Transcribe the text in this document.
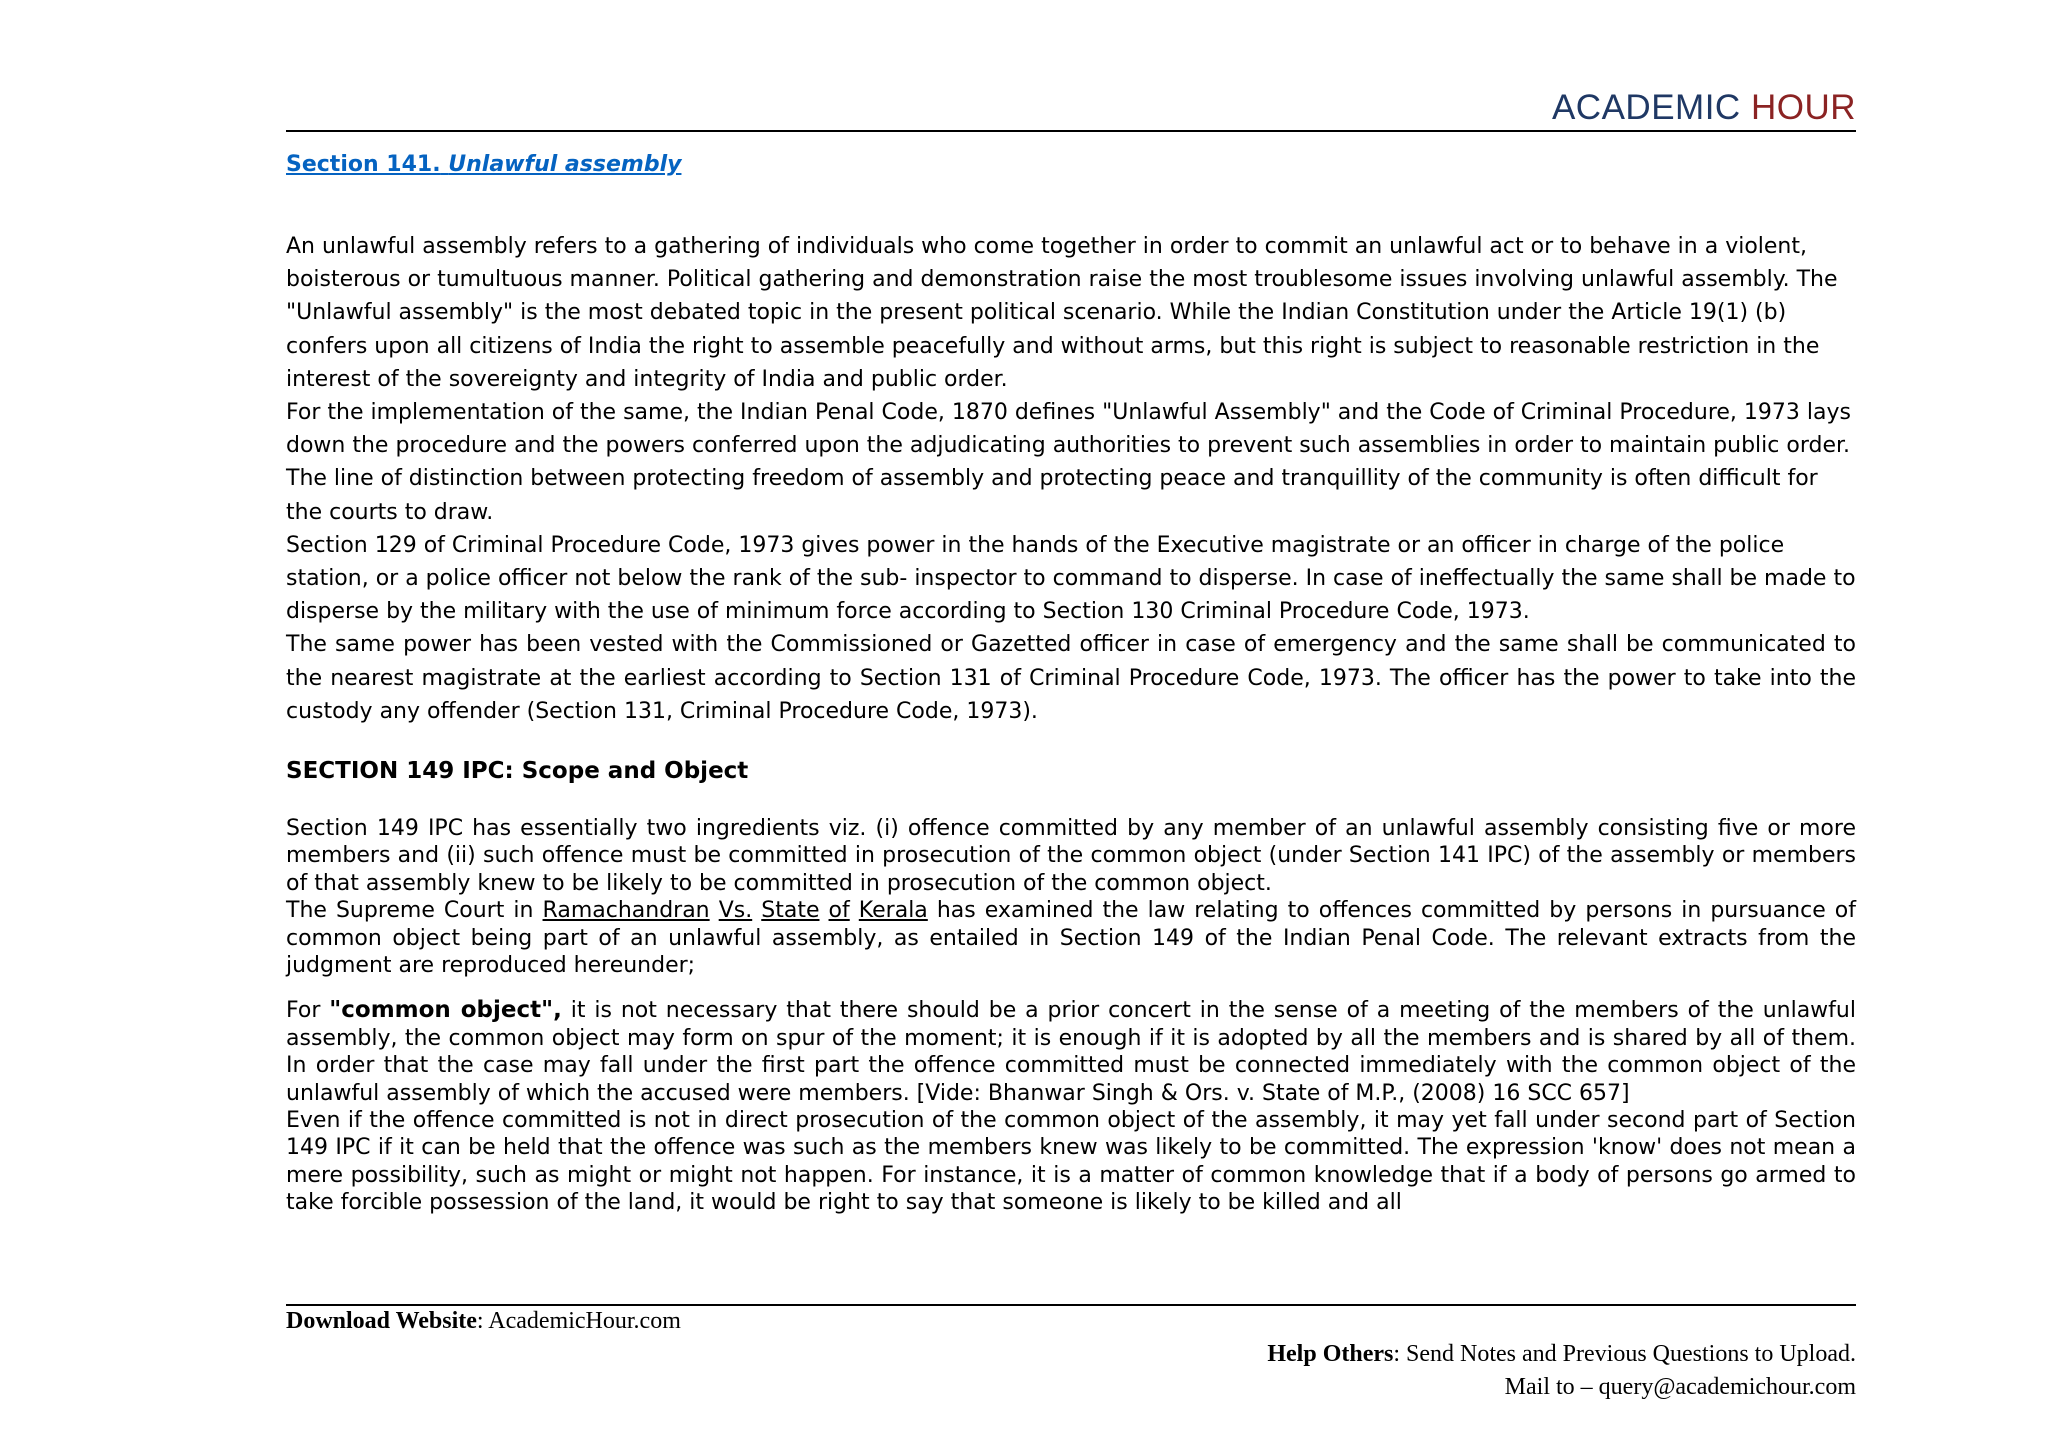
ACADEMIC HOUR
Section 141. Unlawful assembly

An unlawful assembly refers to a gathering of individuals who come together in order to commit an unlawful act or to behave in a violent, boisterous or tumultuous manner. Political gathering and demonstration raise the most troublesome issues involving unlawful assembly. The "Unlawful assembly" is the most debated topic in the present political scenario. While the Indian Constitution under the Article 19(1) (b) confers upon all citizens of India the right to assemble peacefully and without arms, but this right is subject to reasonable restriction in the interest of the sovereignty and integrity of India and public order.

For the implementation of the same, the Indian Penal Code, 1870 defines "Unlawful Assembly" and the Code of Criminal Procedure, 1973 lays down the procedure and the powers conferred upon the adjudicating authorities to prevent such assemblies in order to maintain public order. The line of distinction between protecting freedom of assembly and protecting peace and tranquillity of the community is often difficult for the courts to draw.

Section 129 of Criminal Procedure Code, 1973 gives power in the hands of the Executive magistrate or an officer in charge of the police station, or a police officer not below the rank of the sub- inspector to command to disperse. In case of ineffectually the same shall be made to disperse by the military with the use of minimum force according to Section 130 Criminal Procedure Code, 1973.

The same power has been vested with the Commissioned or Gazetted officer in case of emergency and the same shall be communicated to the nearest magistrate at the earliest according to Section 131 of Criminal Procedure Code, 1973. The officer has the power to take into the custody any offender (Section 131, Criminal Procedure Code, 1973).

SECTION 149 IPC: Scope and Object

Section 149 IPC has essentially two ingredients viz. (i) offence committed by any member of an unlawful assembly consisting five or more members and (ii) such offence must be committed in prosecution of the common object (under Section 141 IPC) of the assembly or members of that assembly knew to be likely to be committed in prosecution of the common object.

The Supreme Court in Ramachandran Vs. State of Kerala has examined the law relating to offences committed by persons in pursuance of common object being part of an unlawful assembly, as entailed in Section 149 of the Indian Penal Code. The relevant extracts from the judgment are reproduced hereunder;

For "common object", it is not necessary that there should be a prior concert in the sense of a meeting of the members of the unlawful assembly, the common object may form on spur of the moment; it is enough if it is adopted by all the members and is shared by all of them. In order that the case may fall under the first part the offence committed must be connected immediately with the common object of the unlawful assembly of which the accused were members. [Vide: Bhanwar Singh & Ors. v. State of M.P., (2008) 16 SCC 657]

Even if the offence committed is not in direct prosecution of the common object of the assembly, it may yet fall under second part of Section 149 IPC if it can be held that the offence was such as the members knew was likely to be committed. The expression 'know' does not mean a mere possibility, such as might or might not happen. For instance, it is a matter of common knowledge that if a body of persons go armed to take forcible possession of the land, it would be right to say that someone is likely to be killed and all

Download Website: AcademicHour.com
Help Others: Send Notes and Previous Questions to Upload.
Mail to – query@academichour.com
